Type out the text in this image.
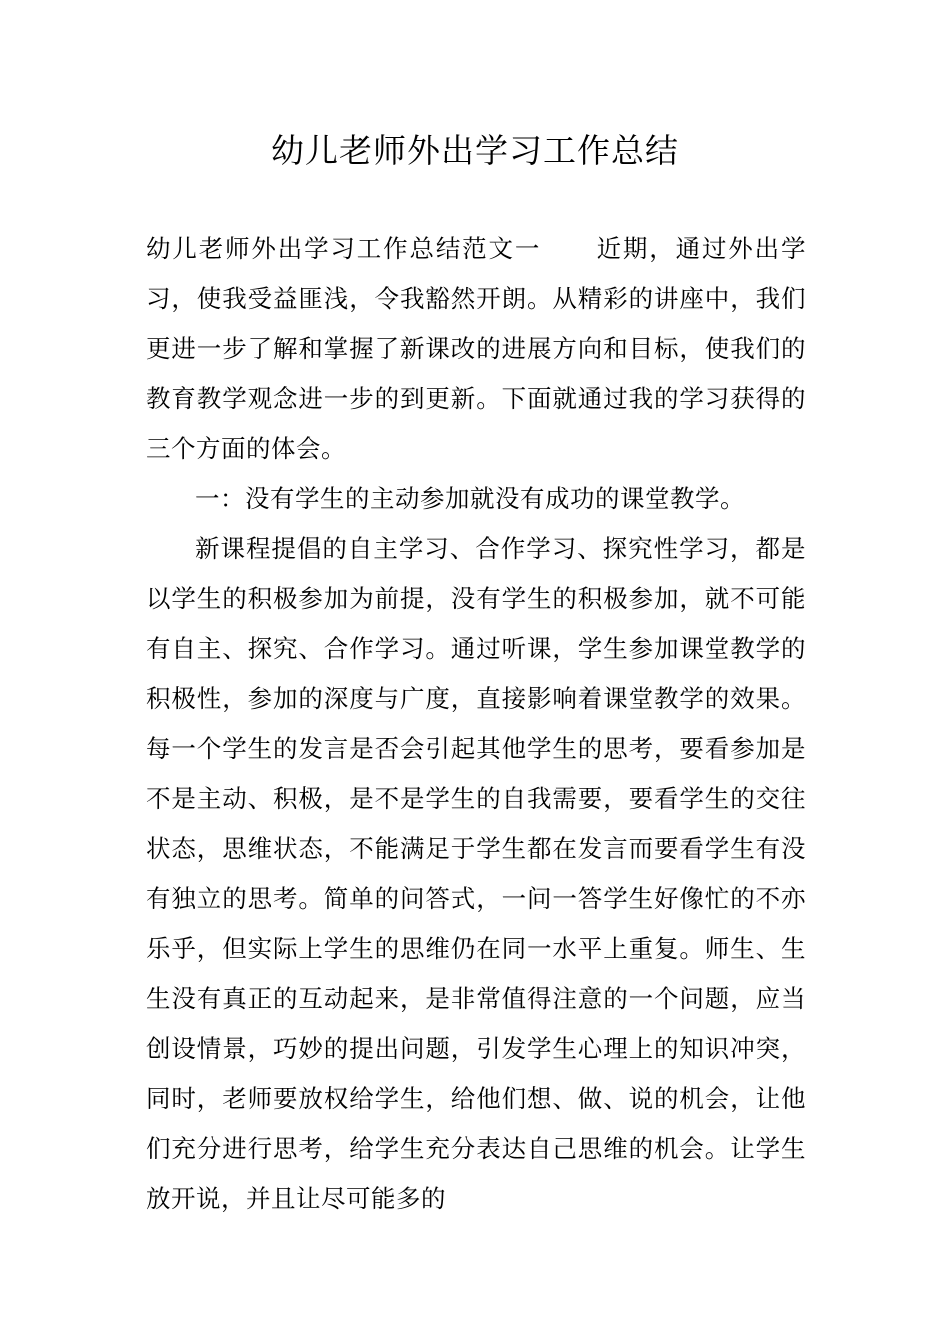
幼儿老师外出学习工作总结

幼儿老师外出学习工作总结范文一 近期，通过外出学习，使我受益匪浅，令我豁然开朗。从精彩的讲座中，我们更进一步了解和掌握了新课改的进展方向和目标，使我们的教育教学观念进一步的到更新。下面就通过我的学习获得的三个方面的体会。

一：没有学生的主动参加就没有成功的课堂教学。

新课程提倡的自主学习、合作学习、探究性学习，都是以学生的积极参加为前提，没有学生的积极参加，就不可能有自主、探究、合作学习。通过听课，学生参加课堂教学的积极性，参加的深度与广度，直接影响着课堂教学的效果。每一个学生的发言是否会引起其他学生的思考，要看参加是不是主动、积极，是不是学生的自我需要，要看学生的交往状态，思维状态，不能满足于学生都在发言而要看学生有没有独立的思考。简单的问答式，一问一答学生好像忙的不亦乐乎，但实际上学生的思维仍在同一水平上重复。师生、生生没有真正的互动起来，是非常值得注意的一个问题，应当创设情景，巧妙的提出问题，引发学生心理上的知识冲突，同时，老师要放权给学生，给他们想、做、说的机会，让他们充分进行思考，给学生充分表达自己思维的机会。让学生放开说，并且让尽可能多的
